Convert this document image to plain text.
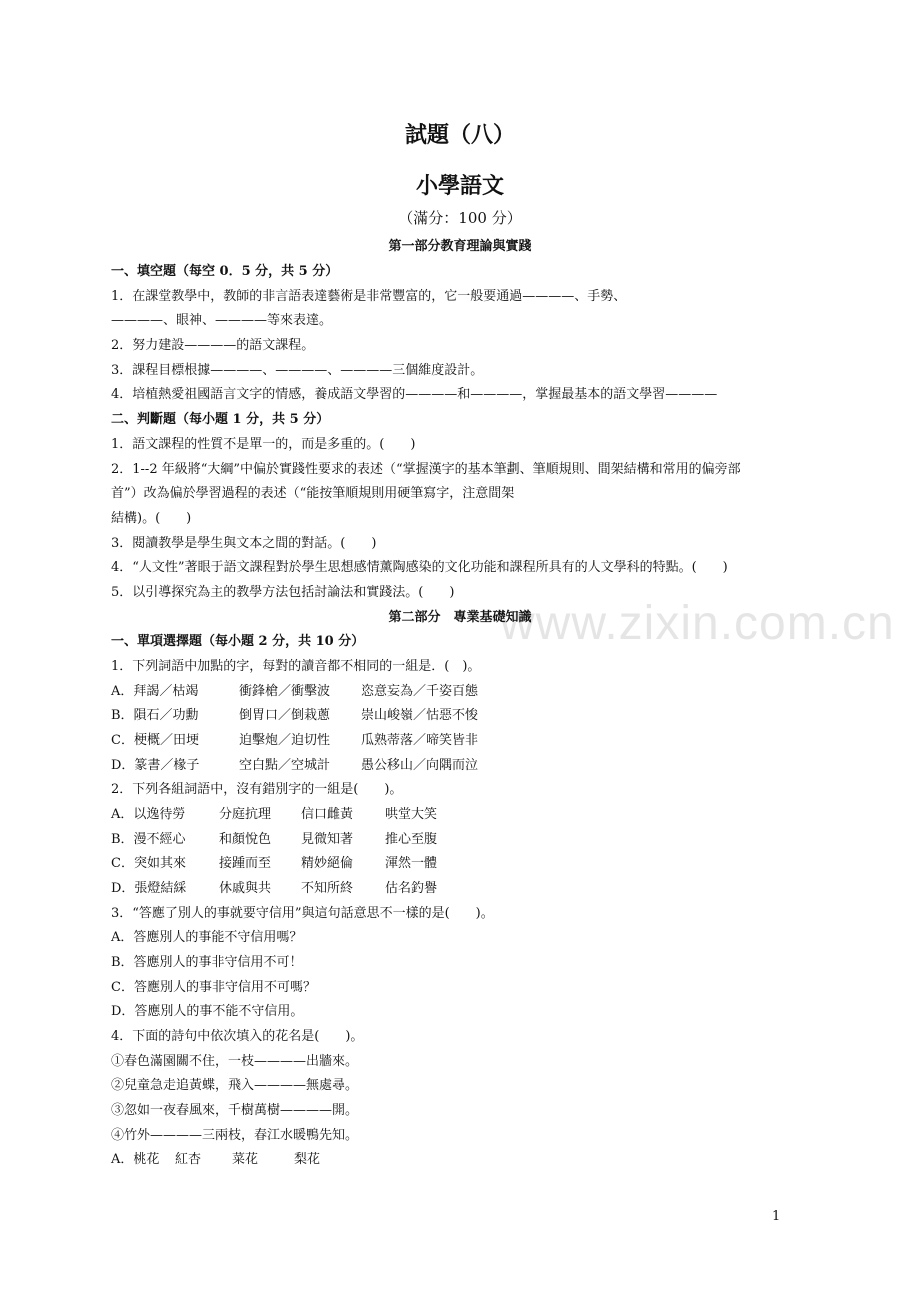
試題（八）
小學語文
（滿分：100 分）
第一部分教育理論與實踐
一、填空題（每空 0．5 分，共 5 分）
1．在課堂教學中，教師的非言語表達藝術是非常豐富的，它一般要通過————、手勢、
————、眼神、————等來表達。
2．努力建設————的語文課程。
3．課程目標根據————、————、————三個維度設計。
4．培植熱愛祖國語言文字的情感，養成語文學習的————和————，掌握最基本的語文學習————
二、判斷題（每小題 1 分，共 5 分）
1．語文課程的性質不是單一的，而是多重的。(　　)
2．1--2 年級將“大綱”中偏於實踐性要求的表述（“掌握漢字的基本筆劃、筆順規則、間架結構和常用的偏旁部
首”）改為偏於學習過程的表述（“能按筆順規則用硬筆寫字，注意間架
結構)。(　　)
3．閱讀教學是學生與文本之間的對話。(　　)
4．“人文性”著眼于語文課程對於學生思想感情薰陶感染的文化功能和課程所具有的人文學科的特點。(　　)
5．以引導探究為主的教學方法包括討論法和實踐法。(　　)
第二部分　專業基礎知識
一、單項選擇題（每小題 2 分，共 10 分）
1．下列詞語中加點的字，每對的讀音都不相同的一組是．(　)。
A．拜謁／枯竭	衝鋒槍／衝擊波 恣意妄為／千姿百態
B．隕石／功勳	倒胃口／倒栽蔥 崇山峻嶺／怙惡不悛
C．梗概／田埂	迫擊炮／迫切性 瓜熟蒂落／啼笑皆非
D．篆書／椽子	空白點／空城計 愚公移山／向隅而泣
2．下列各組詞語中，沒有錯別字的一組是(　　)。
A．以逸待勞	分庭抗理 信口雌黃 哄堂大笑
B．漫不經心	和顏悅色 見微知著 推心至腹
C．突如其來	接踵而至 精妙絕倫 渾然一體
D．張燈結綵	休戚與共 不知所終 估名釣譽
3．“答應了別人的事就要守信用”與這句話意思不一樣的是(　　)。
A．答應別人的事能不守信用嗎？
B．答應別人的事非守信用不可！
C．答應別人的事非守信用不可嗎？
D．答應別人的事不能不守信用。
4．下面的詩句中依次填入的花名是(　　)。
①春色滿園關不住，一枝————出牆來。
②兒童急走追黃蝶，飛入————無處尋。
③忽如一夜春風來，千樹萬樹————開。
④竹外————三兩枝，春江水暖鴨先知。
A．桃花 紅杏 菜花	梨花
www.zixin.com.cn
1
